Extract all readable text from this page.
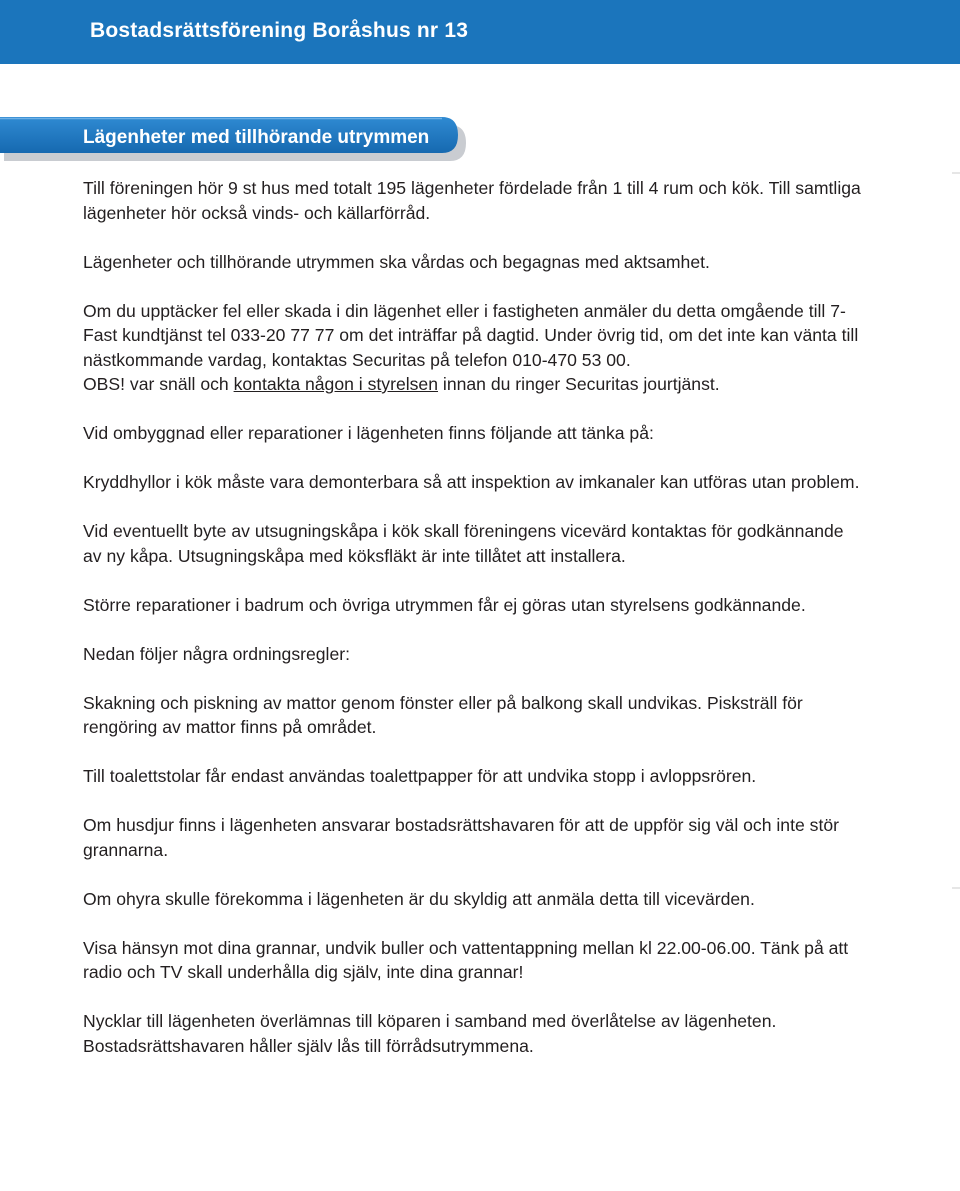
Bostadsrättsförening Boråshus nr 13
Lägenheter med tillhörande utrymmen

Till föreningen hör 9 st hus med totalt 195 lägenheter fördelade från 1 till 4 rum och kök. Till samtliga lägenheter hör också vinds- och källarförråd.

Lägenheter och tillhörande utrymmen ska vårdas och begagnas med aktsamhet.

Om du upptäcker fel eller skada i din lägenhet eller i fastigheten anmäler du detta omgående till 7-Fast kundtjänst tel 033-20 77 77 om det inträffar på dagtid. Under övrig tid, om det inte kan vänta till nästkommande vardag, kontaktas Securitas på telefon 010-470 53 00.

OBS! var snäll och kontakta någon i styrelsen innan du ringer Securitas jourtjänst.

Vid ombyggnad eller reparationer i lägenheten finns följande att tänka på:

Kryddhyllor i kök måste vara demonterbara så att inspektion av imkanaler kan utföras utan problem.

Vid eventuellt byte av utsugningskåpa i kök skall föreningens vicevärd kontaktas för godkännande av ny kåpa. Utsugningskåpa med köksfläkt är inte tillåtet att installera.

Större reparationer i badrum och övriga utrymmen får ej göras utan styrelsens godkännande.

Nedan följer några ordningsregler:

Skakning och piskning av mattor genom fönster eller på balkong skall undvikas. Pisksträll för rengöring av mattor finns på området.

Till toalettstolar får endast användas toalettpapper för att undvika stopp i avloppsrören.

Om husdjur finns i lägenheten ansvarar bostadsrättshavaren för att de uppför sig väl och inte stör grannarna.

Om ohyra skulle förekomma i lägenheten är du skyldig att anmäla detta till vicevärden.

Visa hänsyn mot dina grannar, undvik buller och vattentappning mellan kl 22.00-06.00. Tänk på att radio och TV skall underhålla dig själv, inte dina grannar!

Nycklar till lägenheten överlämnas till köparen i samband med överlåtelse av lägenheten. Bostadsrättshavaren håller själv lås till förrådsutrymmena.
